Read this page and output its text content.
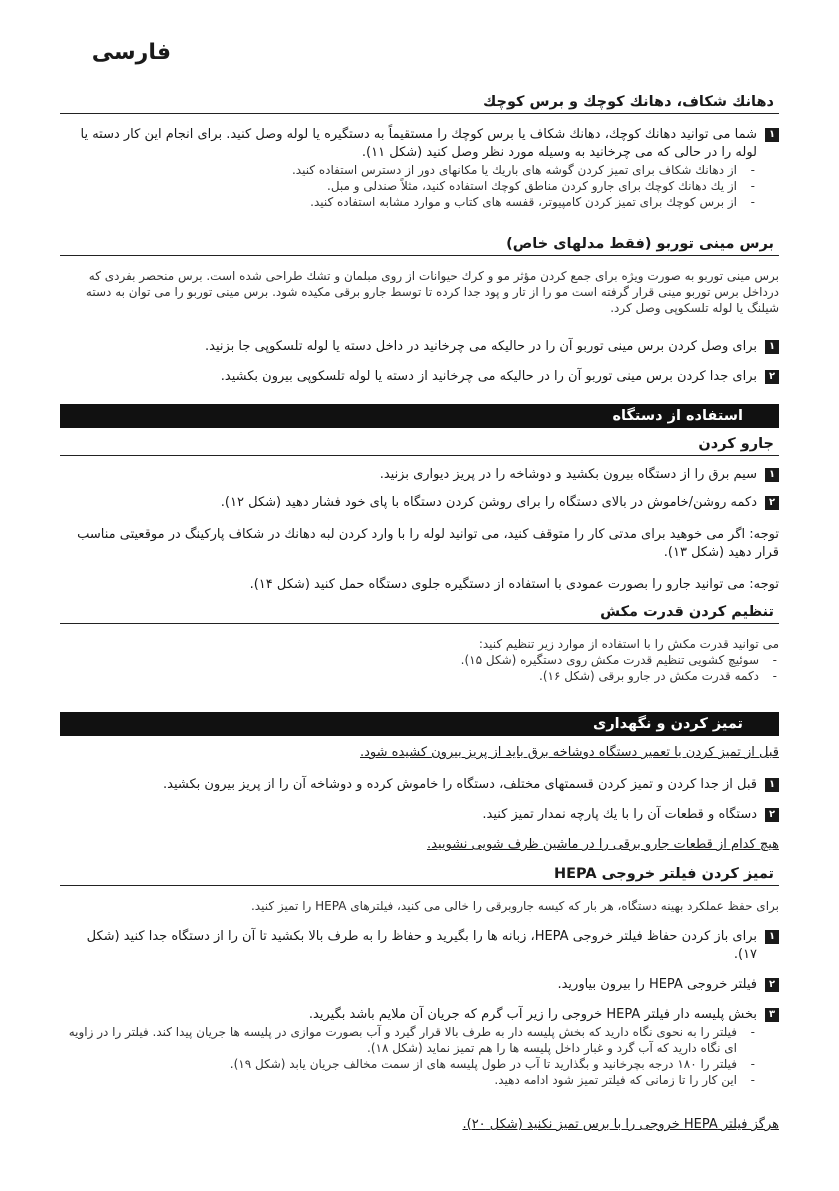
فارسی
دهانك شكاف، دهانك كوچك و برس كوچك
۱
شما می توانید دهانك كوچك، دهانك شكاف یا برس كوچك را مستقیماً به دستگیره یا لوله وصل كنید. برای انجام این كار دسته یا لوله را در حالی كه می چرخانید به وسیله مورد نظر وصل كنید (شكل ۱۱).
- از دهانك شكاف برای تمیز كردن گوشه های باریك یا مكانهای دور از دسترس استفاده كنید.
- از یك دهانك كوچك برای جارو كردن مناطق كوچك استفاده كنید، مثلاً صندلی و مبل.
- از برس كوچك برای تمیز كردن كامپیوتر، قفسه های كتاب و موارد مشابه استفاده كنید.
برس مینی توربو (فقط مدلهای خاص)
برس مینی توربو به صورت ویژه برای جمع كردن مؤثر مو و كرك حیوانات از روی مبلمان و تشك طراحی شده است. برس منحصر بفردی كه درداخل برس توربو مینی قرار گرفته است مو را از تار و پود جدا كرده تا توسط جارو برقی مكیده شود. برس مینی توربو را می توان به دسته شیلنگ یا لوله تلسكوپی وصل كرد.
۱
برای وصل كردن برس مینی توربو آن را در حالیكه می چرخانید در داخل دسته یا لوله تلسكوپی جا بزنید.
۲
برای جدا كردن برس مینی توربو آن را در حالیكه می چرخانید از دسته یا لوله تلسكوپی بیرون بكشید.
استفاده از دستگاه
جارو كردن
۱
سیم برق را از دستگاه بیرون بكشید و دوشاخه را در پریز دیواری بزنید.
۲
دكمه روشن/خاموش در بالای دستگاه را برای روشن كردن دستگاه با پای خود فشار دهید (شكل ۱۲).
توجه: اگر می خوهید برای مدتی كار را متوقف كنید، می توانید لوله را با وارد كردن لبه دهانك در شكاف پاركینگ در موقعیتی مناسب قرار دهید (شكل ۱۳).
توجه: می توانید جارو را بصورت عمودی با استفاده از دستگیره جلوی دستگاه حمل كنید (شكل ۱۴).
تنظیم كردن قدرت مكش
می توانید قدرت مكش را با استفاده از موارد زیر تنظیم كنید:
- سوئیچ كشویی تنظیم قدرت مكش روی دستگیره (شكل ۱۵).
- دكمه قدرت مكش در جارو برقی (شكل ۱۶).
تمیز كردن و نگهداری
قبل از تمیز كردن یا تعمیر دستگاه دوشاخه برق باید از پریز بیرون كشیده شود.
۱
قبل از جدا كردن و تمیز كردن قسمتهای مختلف، دستگاه را خاموش كرده و دوشاخه آن را از پریز بیرون بكشید.
۲
دستگاه و قطعات آن را با یك پارچه نمدار تمیز كنید.
هیچ كدام از قطعات جارو برقی را در ماشین ظرف شویی نشویید.
تمیز كردن فیلتر خروجی HEPA
برای حفظ عملكرد بهینه دستگاه، هر بار كه كیسه جاروبرقی را خالی می كنید، فیلترهای HEPA را تمیز كنید.
۱
برای باز كردن حفاظ فیلتر خروجی HEPA، زبانه ها را بگیرید و حفاظ را به طرف بالا بكشید تا آن را از دستگاه جدا كنید (شكل ۱۷).
۲
فیلتر خروجی HEPA را بیرون بیاورید.
۳
بخش پلیسه دار فیلتر HEPA خروجی را زیر آب گرم كه جریان آن ملایم باشد بگیرید.
- فیلتر را به نحوی نگاه دارید كه بخش پلیسه دار به طرف بالا قرار گیرد و آب بصورت موازی در پلیسه ها جریان پیدا كند. فیلتر را در زاویه ای نگاه دارید كه آب گرد و غبار داخل پلیسه ها را هم تمیز نماید (شكل ۱۸).
- فیلتر را ۱۸۰ درجه بچرخانید و بگذارید تا آب در طول پلیسه های از سمت مخالف جریان یابد (شكل ۱۹).
- این كار را تا زمانی كه فیلتر تمیز شود ادامه دهید.
هرگز فیلتر HEPA خروجی را با برس تمیز نكنید (شكل ۲۰).
